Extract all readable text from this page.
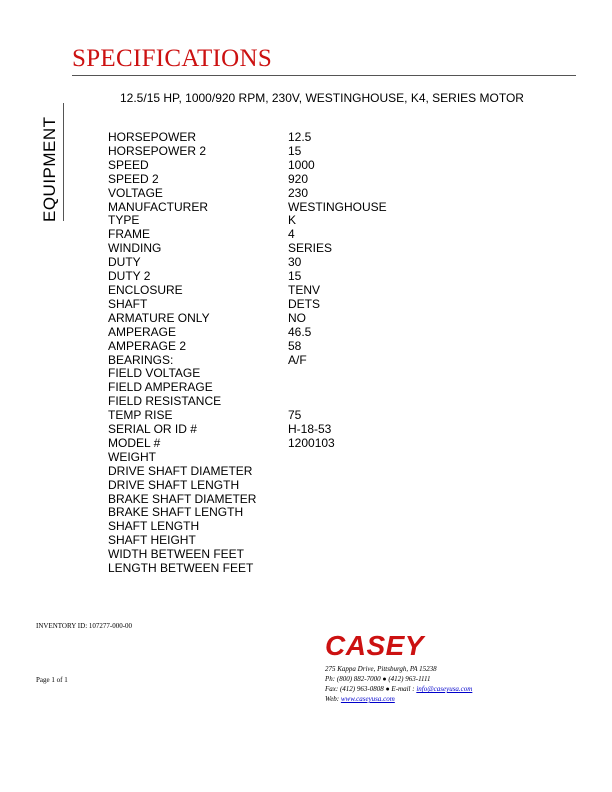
SPECIFICATIONS
EQUIPMENT
12.5/15 HP, 1000/920 RPM, 230V, WESTINGHOUSE, K4, SERIES MOTOR
HORSEPOWER	12.5
HORSEPOWER 2	15
SPEED	1000
SPEED 2	920
VOLTAGE	230
MANUFACTURER	WESTINGHOUSE
TYPE	K
FRAME	4
WINDING	SERIES
DUTY	30
DUTY 2	15
ENCLOSURE	TENV
SHAFT	DETS
ARMATURE ONLY	NO
AMPERAGE	46.5
AMPERAGE 2	58
BEARINGS:	A/F
FIELD VOLTAGE	
FIELD AMPERAGE	
FIELD RESISTANCE	
TEMP RISE	75
SERIAL OR ID #	H-18-53
MODEL #	1200103
WEIGHT	
DRIVE SHAFT DIAMETER	
DRIVE SHAFT LENGTH	
BRAKE SHAFT DIAMETER	
BRAKE SHAFT LENGTH	
SHAFT LENGTH	
SHAFT HEIGHT	
WIDTH BETWEEN FEET	
LENGTH BETWEEN FEET	
INVENTORY ID: 107277-000-00
Page 1 of 1
CASEY
275 Kappa Drive, Pittsburgh, PA 15238
Ph: (800) 882-7000 ● (412) 963-1111
Fax: (412) 963-0808 ● E-mail : info@caseyusa.com
Web: www.caseyusa.com
